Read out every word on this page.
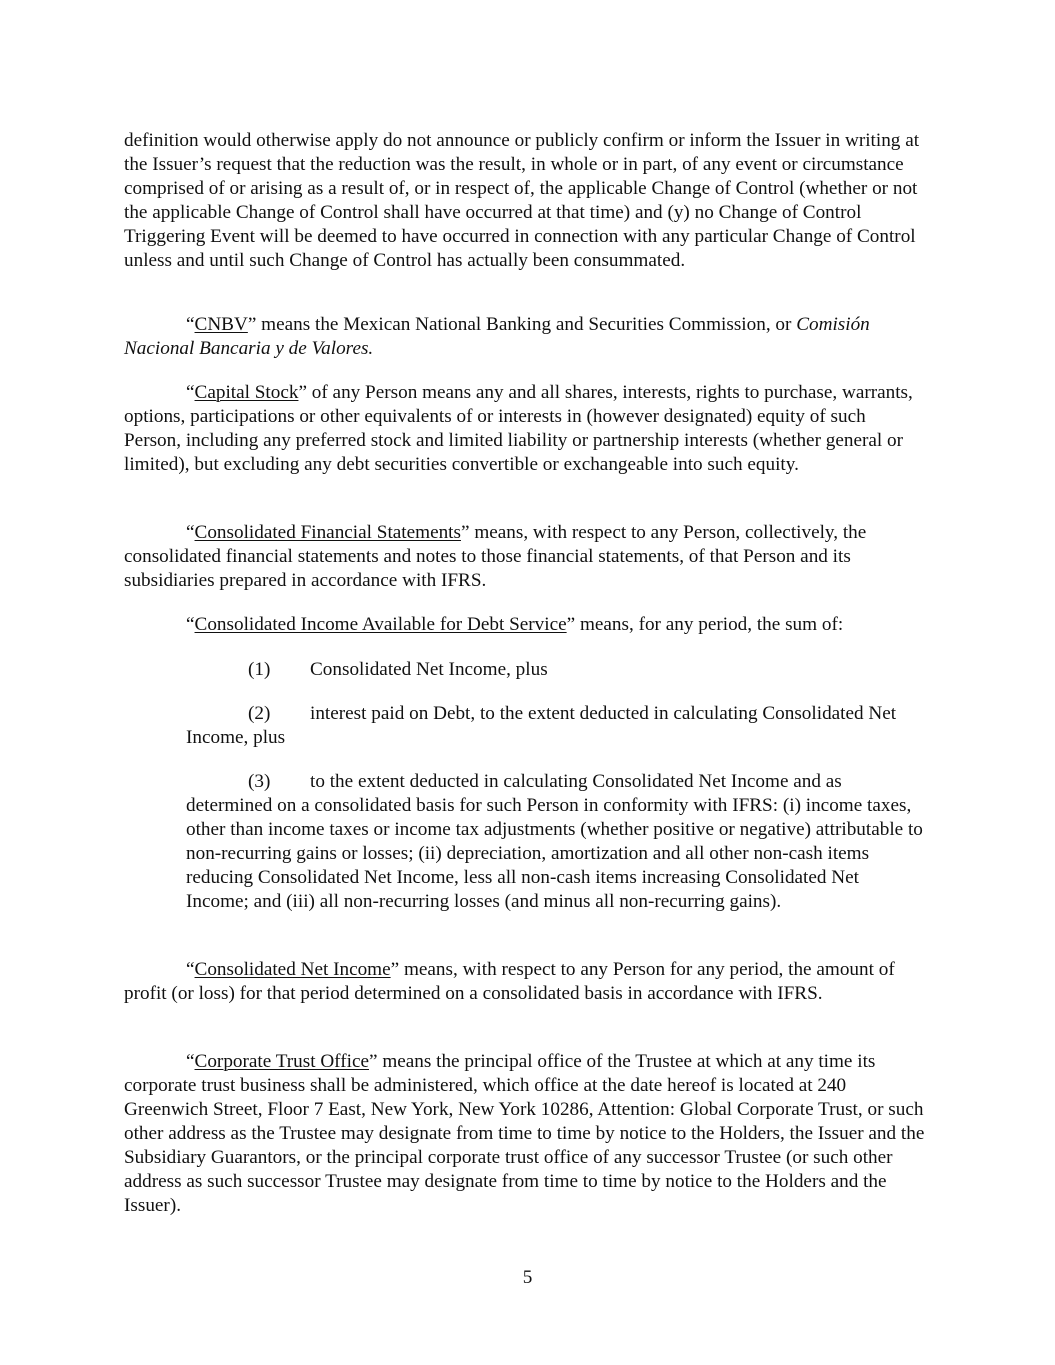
definition would otherwise apply do not announce or publicly confirm or inform the Issuer in writing at the Issuer’s request that the reduction was the result, in whole or in part, of any event or circumstance comprised of or arising as a result of, or in respect of, the applicable Change of Control (whether or not the applicable Change of Control shall have occurred at that time) and (y) no Change of Control Triggering Event will be deemed to have occurred in connection with any particular Change of Control unless and until such Change of Control has actually been consummated.

“CNBV” means the Mexican National Banking and Securities Commission, or Comisión Nacional Bancaria y de Valores.

“Capital Stock” of any Person means any and all shares, interests, rights to purchase, warrants, options, participations or other equivalents of or interests in (however designated) equity of such Person, including any preferred stock and limited liability or partnership interests (whether general or limited), but excluding any debt securities convertible or exchangeable into such equity.

“Consolidated Financial Statements” means, with respect to any Person, collectively, the consolidated financial statements and notes to those financial statements, of that Person and its subsidiaries prepared in accordance with IFRS.

“Consolidated Income Available for Debt Service” means, for any period, the sum of:

(1) Consolidated Net Income, plus

(2) interest paid on Debt, to the extent deducted in calculating Consolidated Net Income, plus

(3) to the extent deducted in calculating Consolidated Net Income and as determined on a consolidated basis for such Person in conformity with IFRS: (i) income taxes, other than income taxes or income tax adjustments (whether positive or negative) attributable to non-recurring gains or losses; (ii) depreciation, amortization and all other non-cash items reducing Consolidated Net Income, less all non-cash items increasing Consolidated Net Income; and (iii) all non-recurring losses (and minus all non-recurring gains).

“Consolidated Net Income” means, with respect to any Person for any period, the amount of profit (or loss) for that period determined on a consolidated basis in accordance with IFRS.

“Corporate Trust Office” means the principal office of the Trustee at which at any time its corporate trust business shall be administered, which office at the date hereof is located at 240 Greenwich Street, Floor 7 East, New York, New York 10286, Attention: Global Corporate Trust, or such other address as the Trustee may designate from time to time by notice to the Holders, the Issuer and the Subsidiary Guarantors, or the principal corporate trust office of any successor Trustee (or such other address as such successor Trustee may designate from time to time by notice to the Holders and the Issuer).

5
